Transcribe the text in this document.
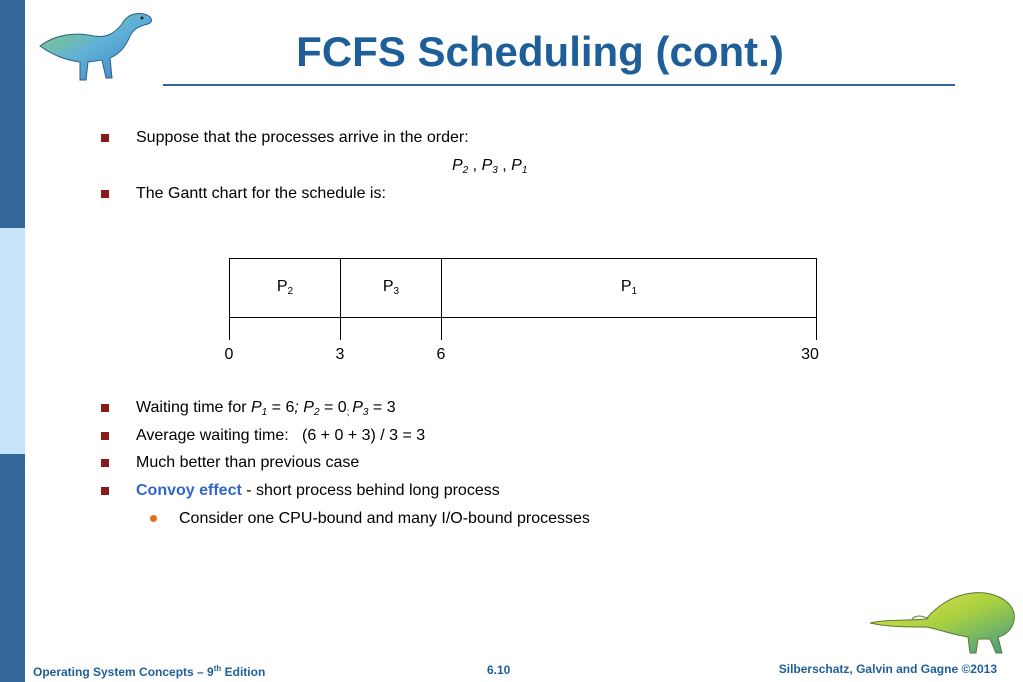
FCFS Scheduling (cont.)
Suppose that the processes arrive in the order:
$P_2$ , $P_3$ , $P_1$
The Gantt chart for the schedule is:
$P_2$	$P_3$	$P_1$
0	3	6	30
Waiting time for $P_1 = 6$; $P_2 = 0_;$ $P_3 = 3$
Average waiting time:   (6 + 0 + 3) / 3 = 3
Much better than previous case
Convoy effect - short process behind long process
Consider one CPU-bound and many I/O-bound processes
Operating System Concepts – 9th Edition	6.10	Silberschatz, Galvin and Gagne ©2013
